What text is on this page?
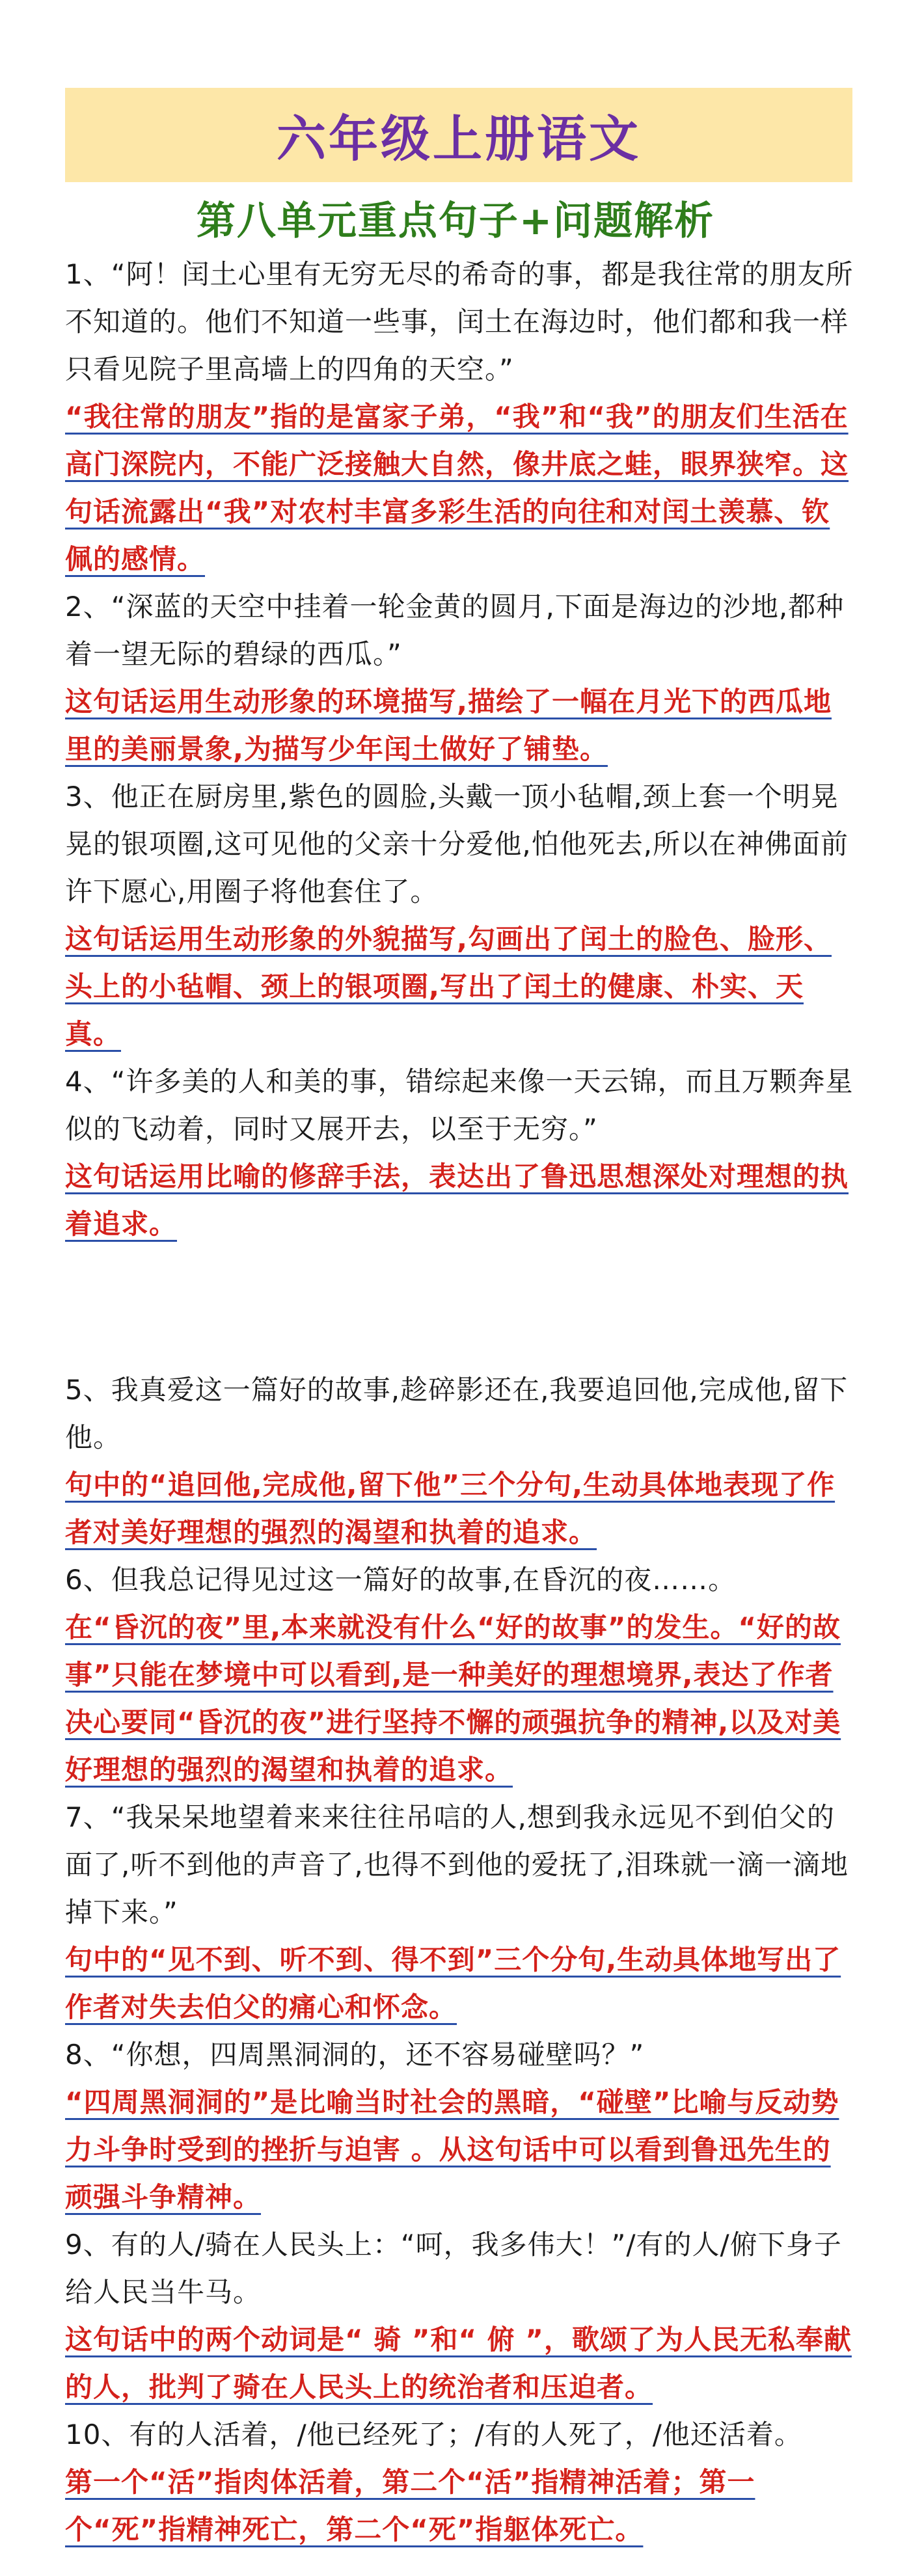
六年级上册语文
第八单元重点句子+问题解析

1、“阿！闰土心里有无穷无尽的希奇的事，都是我往常的朋友所不知道的。他们不知道一些事，闰土在海边时，他们都和我一样只看见院子里高墙上的四角的天空。”

“我往常的朋友”指的是富家子弟，“我”和“我”的朋友们生活在高门深院内，不能广泛接触大自然，像井底之蛙，眼界狭窄。这句话流露出“我”对农村丰富多彩生活的向往和对闰土羡慕、钦佩的感情。

2、“深蓝的天空中挂着一轮金黄的圆月,下面是海边的沙地,都种着一望无际的碧绿的西瓜。”

这句话运用生动形象的环境描写,描绘了一幅在月光下的西瓜地里的美丽景象,为描写少年闰土做好了铺垫。

3、他正在厨房里,紫色的圆脸,头戴一顶小毡帽,颈上套一个明晃晃的银项圈,这可见他的父亲十分爱他,怕他死去,所以在神佛面前许下愿心,用圈子将他套住了。

这句话运用生动形象的外貌描写,勾画出了闰土的脸色、脸形、头上的小毡帽、颈上的银项圈,写出了闰土的健康、朴实、天真。

4、“许多美的人和美的事，错综起来像一天云锦，而且万颗奔星似的飞动着，同时又展开去，以至于无穷。”

这句话运用比喻的修辞手法，表达出了鲁迅思想深处对理想的执着追求。

5、我真爱这一篇好的故事,趁碎影还在,我要追回他,完成他,留下他。

句中的“追回他,完成他,留下他”三个分句,生动具体地表现了作者对美好理想的强烈的渴望和执着的追求。

6、但我总记得见过这一篇好的故事,在昏沉的夜……。

在“昏沉的夜”里,本来就没有什么“好的故事”的发生。“好的故事”只能在梦境中可以看到,是一种美好的理想境界,表达了作者决心要同“昏沉的夜”进行坚持不懈的顽强抗争的精神,以及对美好理想的强烈的渴望和执着的追求。

7、“我呆呆地望着来来往往吊唁的人,想到我永远见不到伯父的面了,听不到他的声音了,也得不到他的爱抚了,泪珠就一滴一滴地掉下来。”

句中的“见不到、听不到、得不到”三个分句,生动具体地写出了作者对失去伯父的痛心和怀念。

8、“你想，四周黑洞洞的，还不容易碰壁吗？”

“四周黑洞洞的”是比喻当时社会的黑暗，“碰壁”比喻与反动势力斗争时受到的挫折与迫害 。从这句话中可以看到鲁迅先生的顽强斗争精神。

9、有的人/骑在人民头上：“呵，我多伟大！”/有的人/俯下身子给人民当牛马。

这句话中的两个动词是“ 骑 ”和“ 俯 ”，歌颂了为人民无私奉献的人，批判了骑在人民头上的统治者和压迫者。

10、有的人活着，/他已经死了；/有的人死了，/他还活着。

第一个“活”指肉体活着，第二个“活”指精神活着；第一个“死”指精神死亡，第二个“死”指躯体死亡。
